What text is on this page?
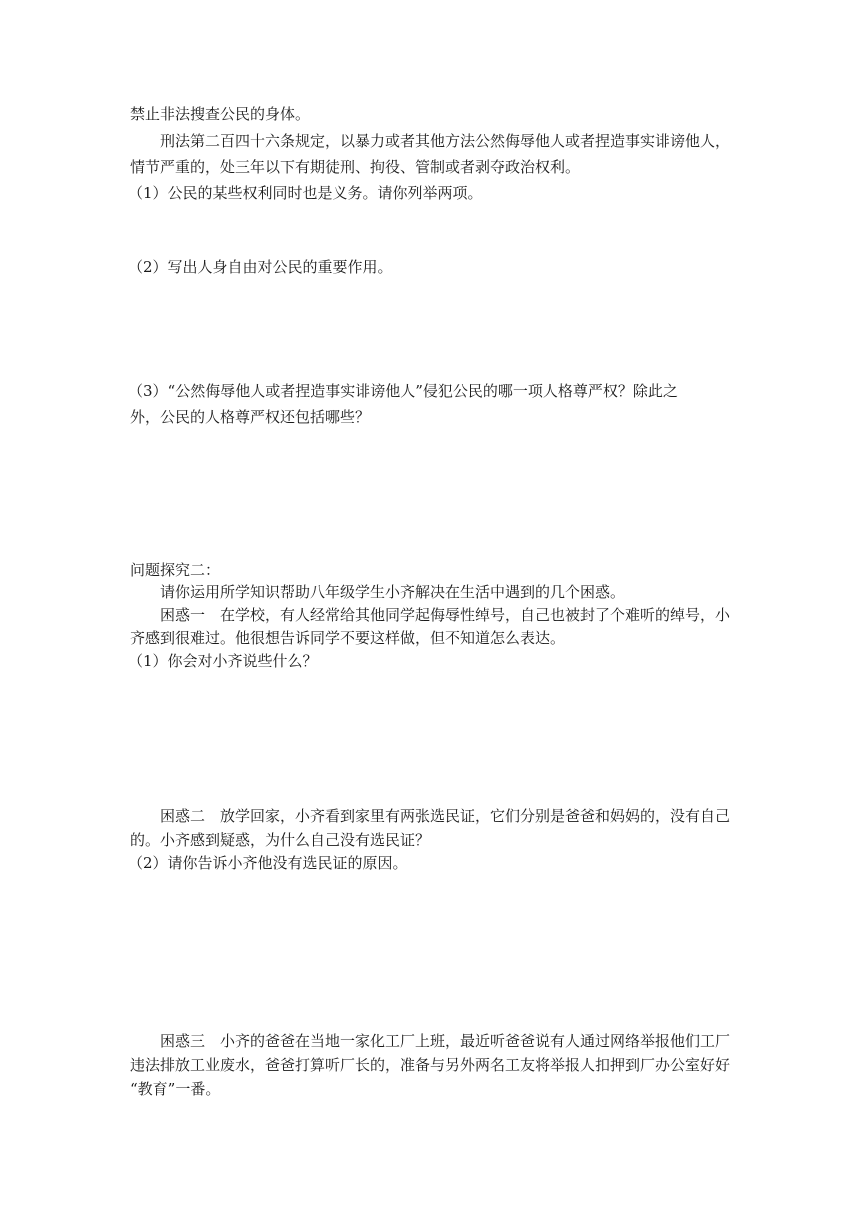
禁止非法搜查公民的身体。
刑法第二百四十六条规定，以暴力或者其他方法公然侮辱他人或者捏造事实诽谤他人，
情节严重的，处三年以下有期徒刑、拘役、管制或者剥夺政治权利。
（1）公民的某些权利同时也是义务。请你列举两项。
（2）写出人身自由对公民的重要作用。
（3）“公然侮辱他人或者捏造事实诽谤他人”侵犯公民的哪一项人格尊严权？除此之
外，公民的人格尊严权还包括哪些？
问题探究二：
请你运用所学知识帮助八年级学生小齐解决在生活中遇到的几个困惑。
困惑一　在学校，有人经常给其他同学起侮辱性绰号，自己也被封了个难听的绰号，小
齐感到很难过。他很想告诉同学不要这样做，但不知道怎么表达。
（1）你会对小齐说些什么？
困惑二　放学回家，小齐看到家里有两张选民证，它们分别是爸爸和妈妈的，没有自己
的。小齐感到疑惑，为什么自己没有选民证？
（2）请你告诉小齐他没有选民证的原因。
困惑三　小齐的爸爸在当地一家化工厂上班，最近听爸爸说有人通过网络举报他们工厂
违法排放工业废水，爸爸打算听厂长的，准备与另外两名工友将举报人扣押到厂办公室好好
“教育”一番。
